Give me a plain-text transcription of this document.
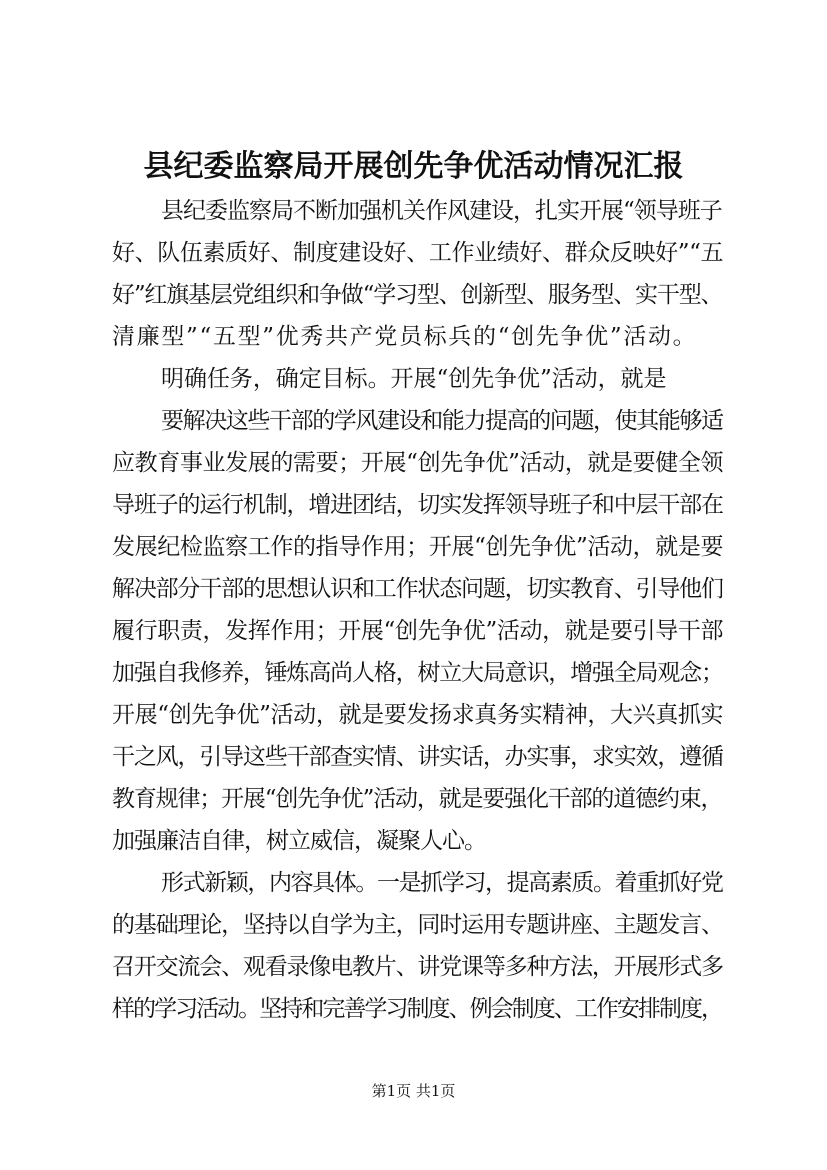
县纪委监察局开展创先争优活动情况汇报
县纪委监察局不断加强机关作风建设，扎实开展“领导班子
好、队伍素质好、制度建设好、工作业绩好、群众反映好”“五
好”红旗基层党组织和争做“学习型、创新型、服务型、实干型、
清廉型”“五型”优秀共产党员标兵的“创先争优”活动。
明确任务，确定目标。开展“创先争优”活动，就是
要解决这些干部的学风建设和能力提高的问题，使其能够适
应教育事业发展的需要；开展“创先争优”活动，就是要健全领
导班子的运行机制，增进团结，切实发挥领导班子和中层干部在
发展纪检监察工作的指导作用；开展“创先争优”活动，就是要
解决部分干部的思想认识和工作状态问题，切实教育、引导他们
履行职责，发挥作用；开展“创先争优”活动，就是要引导干部
加强自我修养，锤炼高尚人格，树立大局意识，增强全局观念；
开展“创先争优”活动，就是要发扬求真务实精神，大兴真抓实
干之风，引导这些干部查实情、讲实话，办实事，求实效，遵循
教育规律；开展“创先争优”活动，就是要强化干部的道德约束，
加强廉洁自律，树立威信，凝聚人心。
形式新颖，内容具体。一是抓学习，提高素质。着重抓好党
的基础理论，坚持以自学为主，同时运用专题讲座、主题发言、
召开交流会、观看录像电教片、讲党课等多种方法，开展形式多
样的学习活动。坚持和完善学习制度、例会制度、工作安排制度，
第1页 共1页
